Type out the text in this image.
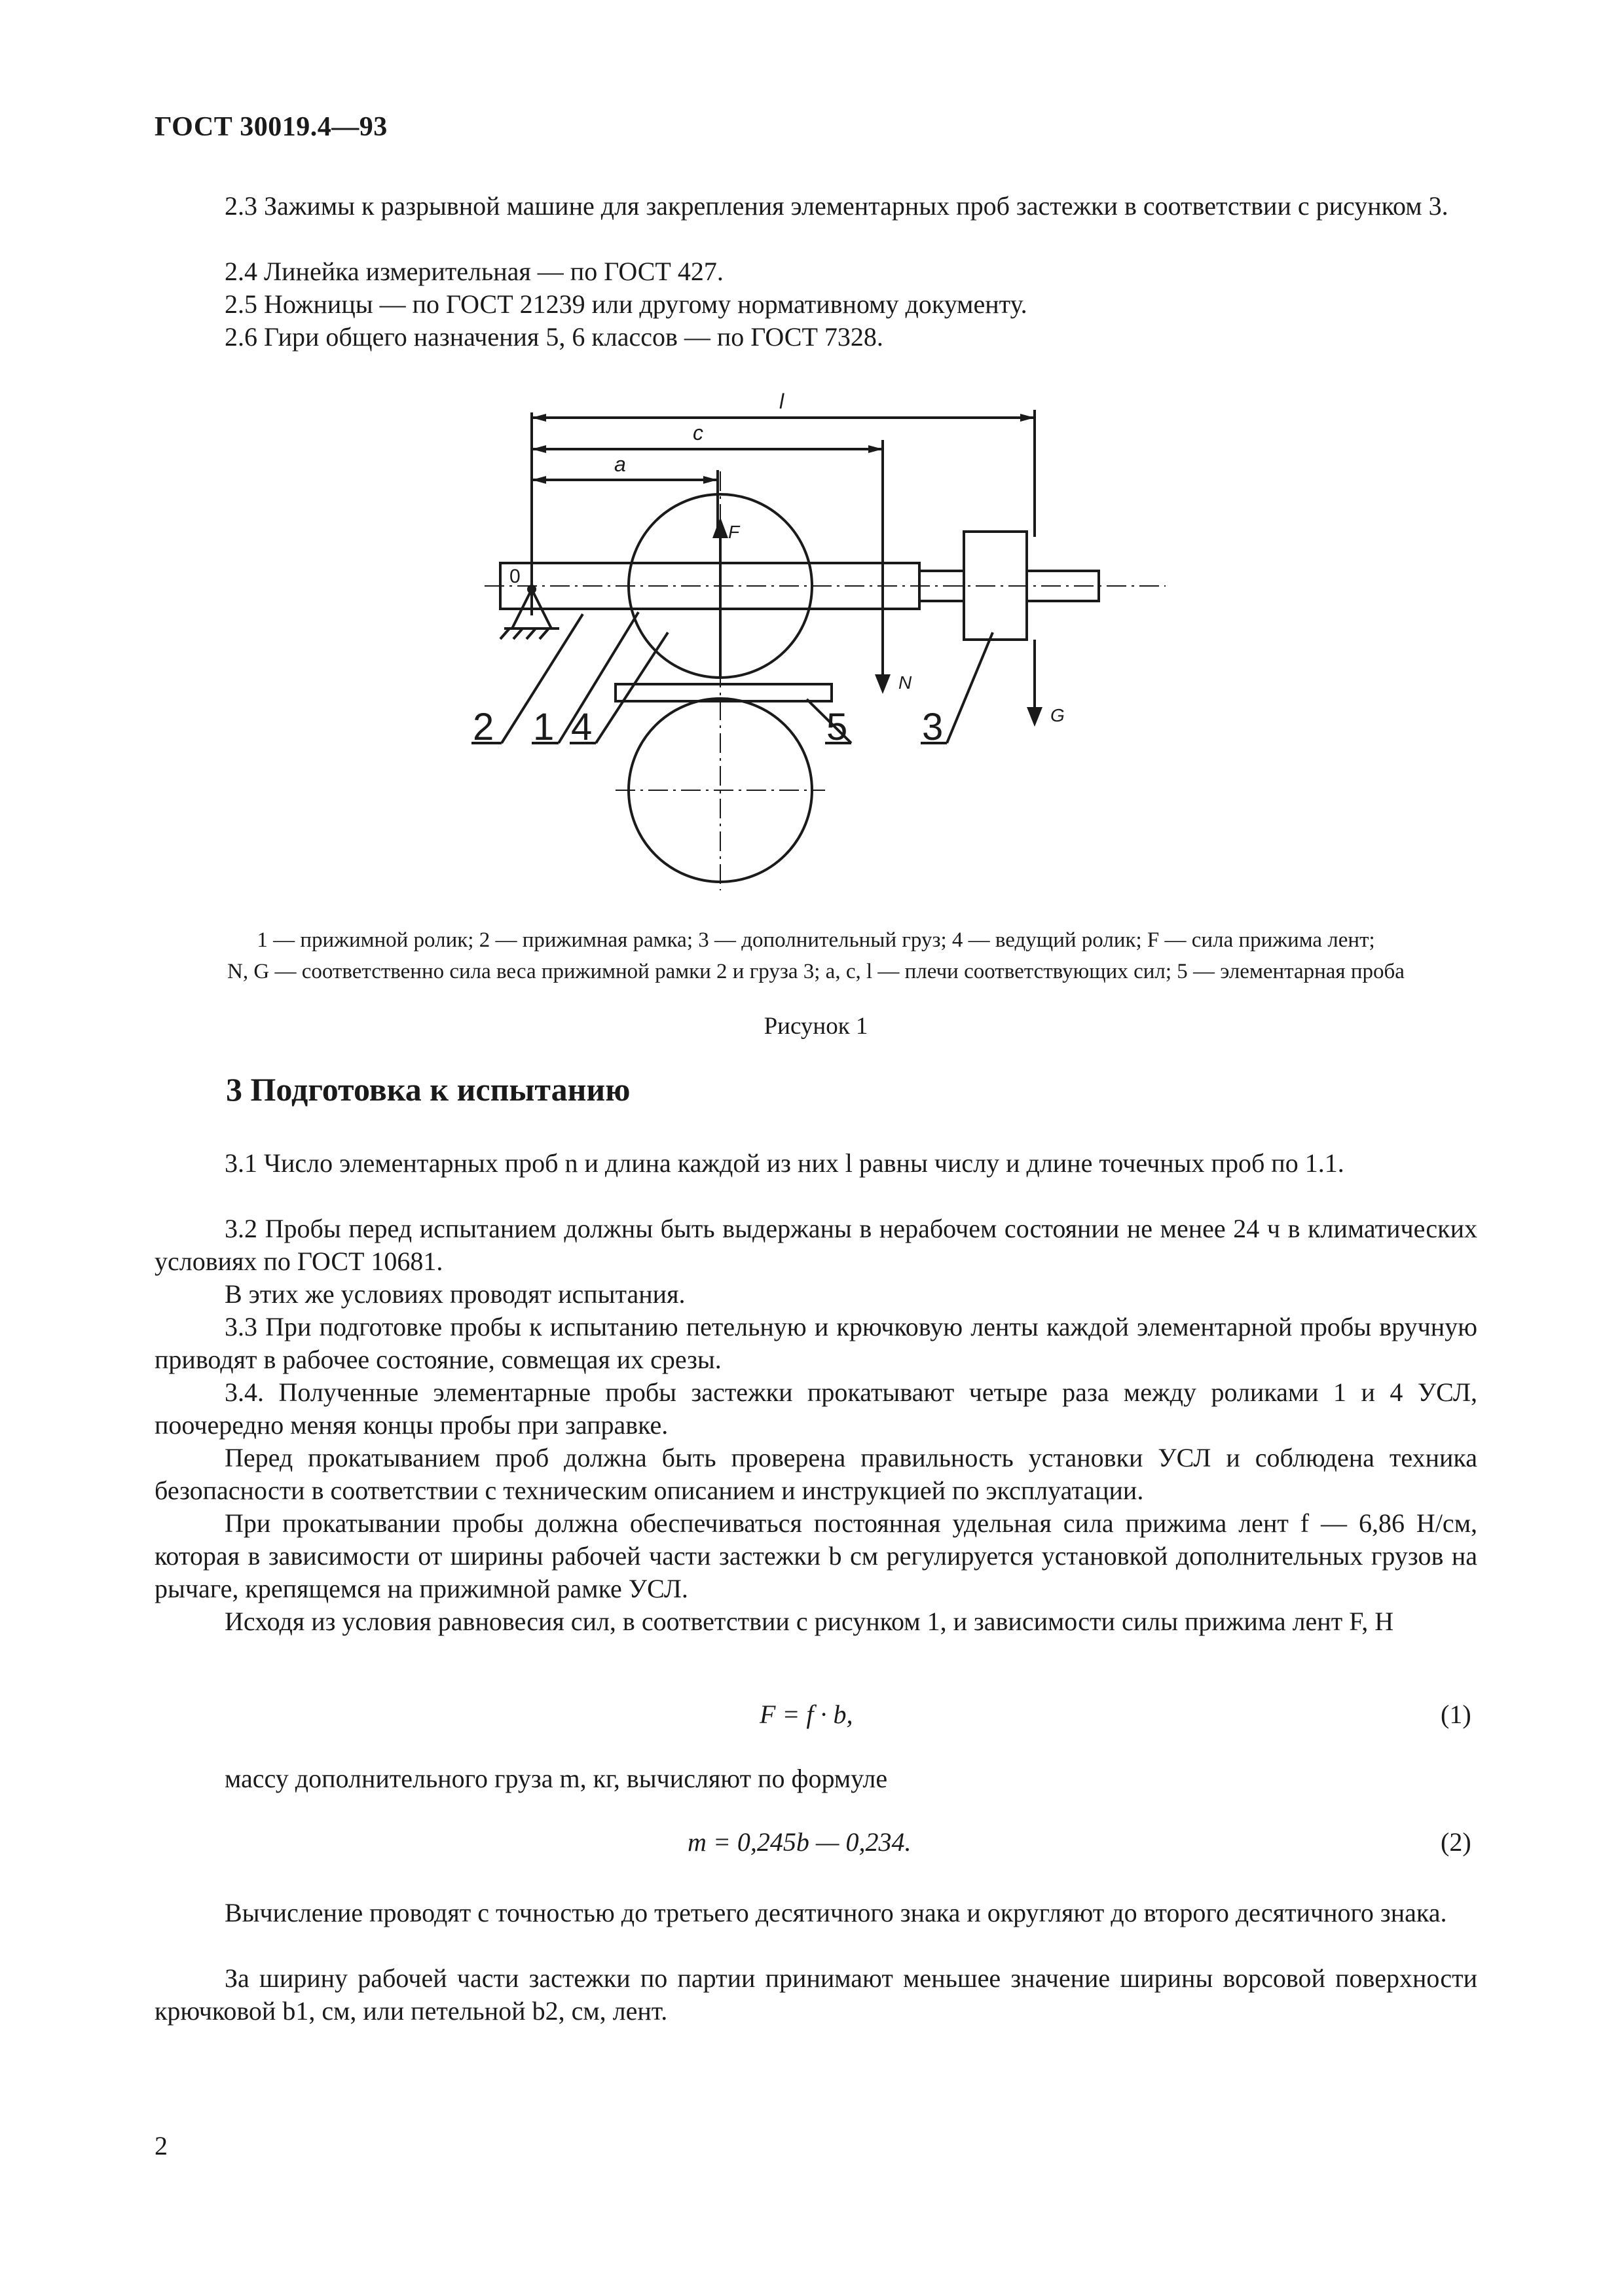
ГОСТ 30019.4—93
2.3 Зажимы к разрывной машине для закрепления элементарных проб застежки в соответствии с рисунком 3.
2.4 Линейка измерительная — по ГОСТ 427.
2.5 Ножницы — по ГОСТ 21239 или другому нормативному документу.
2.6 Гири общего назначения 5, 6 классов — по ГОСТ 7328.
l
c
a
F
N
G
0
2 1 4	5 3
1 — прижимной ролик; 2 — прижимная рамка; 3 — дополнительный груз; 4 — ведущий ролик; F — сила прижима лент;
N, G — соответственно сила веса прижимной рамки 2 и груза 3; a, c, l — плечи соответствующих сил; 5 — элементарная проба
Рисунок 1
3 Подготовка к испытанию
3.1 Число элементарных проб n и длина каждой из них l равны числу и длине точечных проб по 1.1.
3.2 Пробы перед испытанием должны быть выдержаны в нерабочем состоянии не менее 24 ч в климатических условиях по ГОСТ 10681.
В этих же условиях проводят испытания.
3.3 При подготовке пробы к испытанию петельную и крючковую ленты каждой элементарной пробы вручную приводят в рабочее состояние, совмещая их срезы.
3.4. Полученные элементарные пробы застежки прокатывают четыре раза между роликами 1 и 4 УСЛ, поочередно меняя концы пробы при заправке.
Перед прокатыванием проб должна быть проверена правильность установки УСЛ и соблюдена техника безопасности в соответствии с техническим описанием и инструкцией по эксплуатации.
При прокатывании пробы должна обеспечиваться постоянная удельная сила прижима лент f — 6,86 Н/см, которая в зависимости от ширины рабочей части застежки b см регулируется установкой дополнительных грузов на рычаге, крепящемся на прижимной рамке УСЛ.
Исходя из условия равновесия сил, в соответствии с рисунком 1, и зависимости силы прижима лент F, Н
F = f · b,	(1)
массу дополнительного груза m, кг, вычисляют по формуле
m = 0,245b — 0,234.	(2)
Вычисление проводят с точностью до третьего десятичного знака и округляют до второго десятичного знака.
За ширину рабочей части застежки по партии принимают меньшее значение ширины ворсовой поверхности крючковой b1, см, или петельной b2, см, лент.
2
